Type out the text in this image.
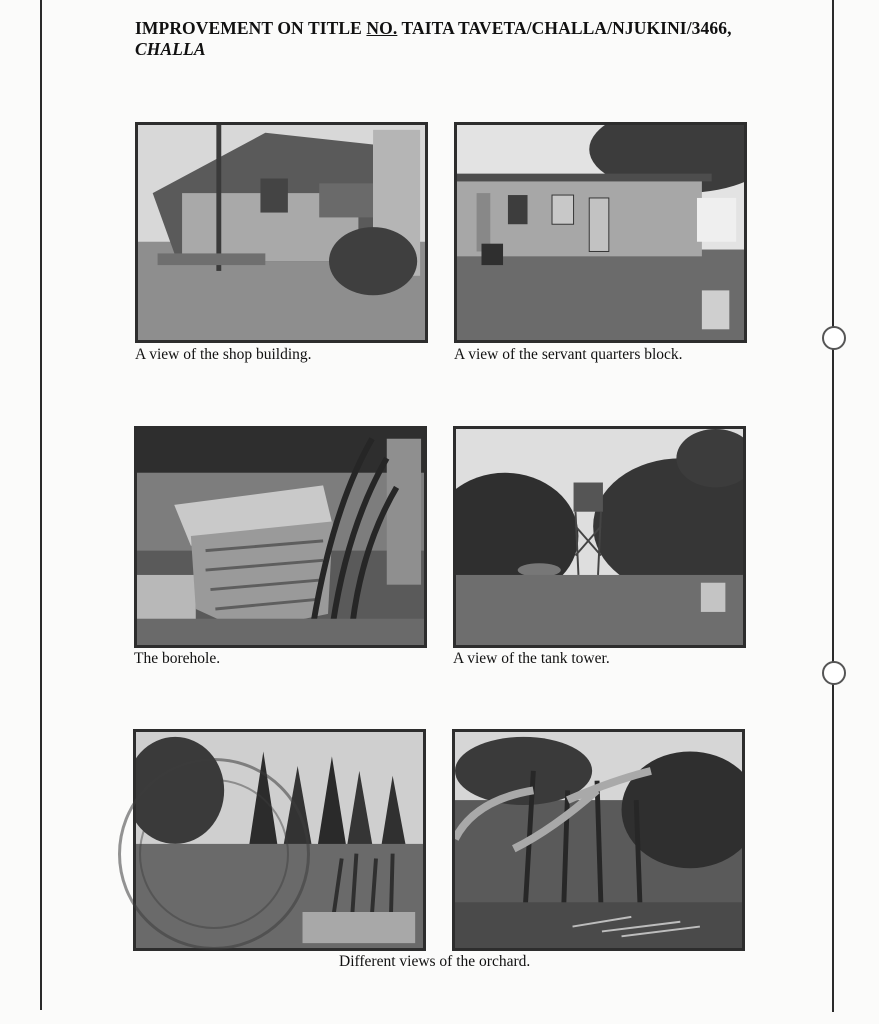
IMPROVEMENT ON TITLE NO. TAITA TAVETA/CHALLA/NJUKINI/3466,
CHALLA
A view of the shop building.	A view of the servant quarters block.
The borehole.	A view of the tank tower.
Different views of the orchard.
